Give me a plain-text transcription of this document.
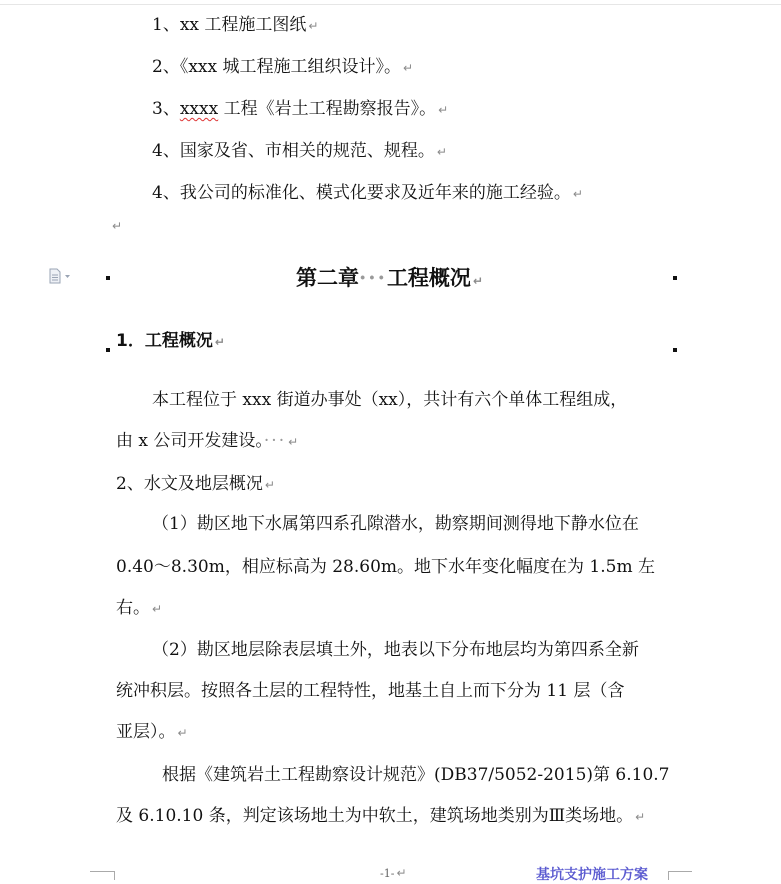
1、xx 工程施工图纸 ↵
2、《xxx 城工程施工组织设计》。 ↵
3、xxxx 工程《岩土工程勘察报告》。 ↵
4、国家及省、市相关的规范、规程。 ↵
4、我公司的标准化、模式化要求及近年来的施工经验。 ↵
↵
第二章···工程概况 ↵
1．工程概况 ↵
本工程位于 xxx 街道办事处（xx），共计有六个单体工程组成，
由 x 公司开发建设。··· ↵
2、水文及地层概况 ↵
（1）勘区地下水属第四系孔隙潜水，勘察期间测得地下静水位在
0.40～8.30m，相应标高为 28.60m。地下水年变化幅度在为 1.5m 左
右。 ↵
（2）勘区地层除表层填土外，地表以下分布地层均为第四系全新
统冲积层。按照各土层的工程特性，地基土自上而下分为 11 层（含
亚层）。 ↵
根据《建筑岩土工程勘察设计规范》(DB37/5052-2015)第 6.10.7
及 6.10.10 条，判定该场地土为中软土，建筑场地类别为Ⅲ类场地。 ↵
-1- ↵	基坑支护施工方案
